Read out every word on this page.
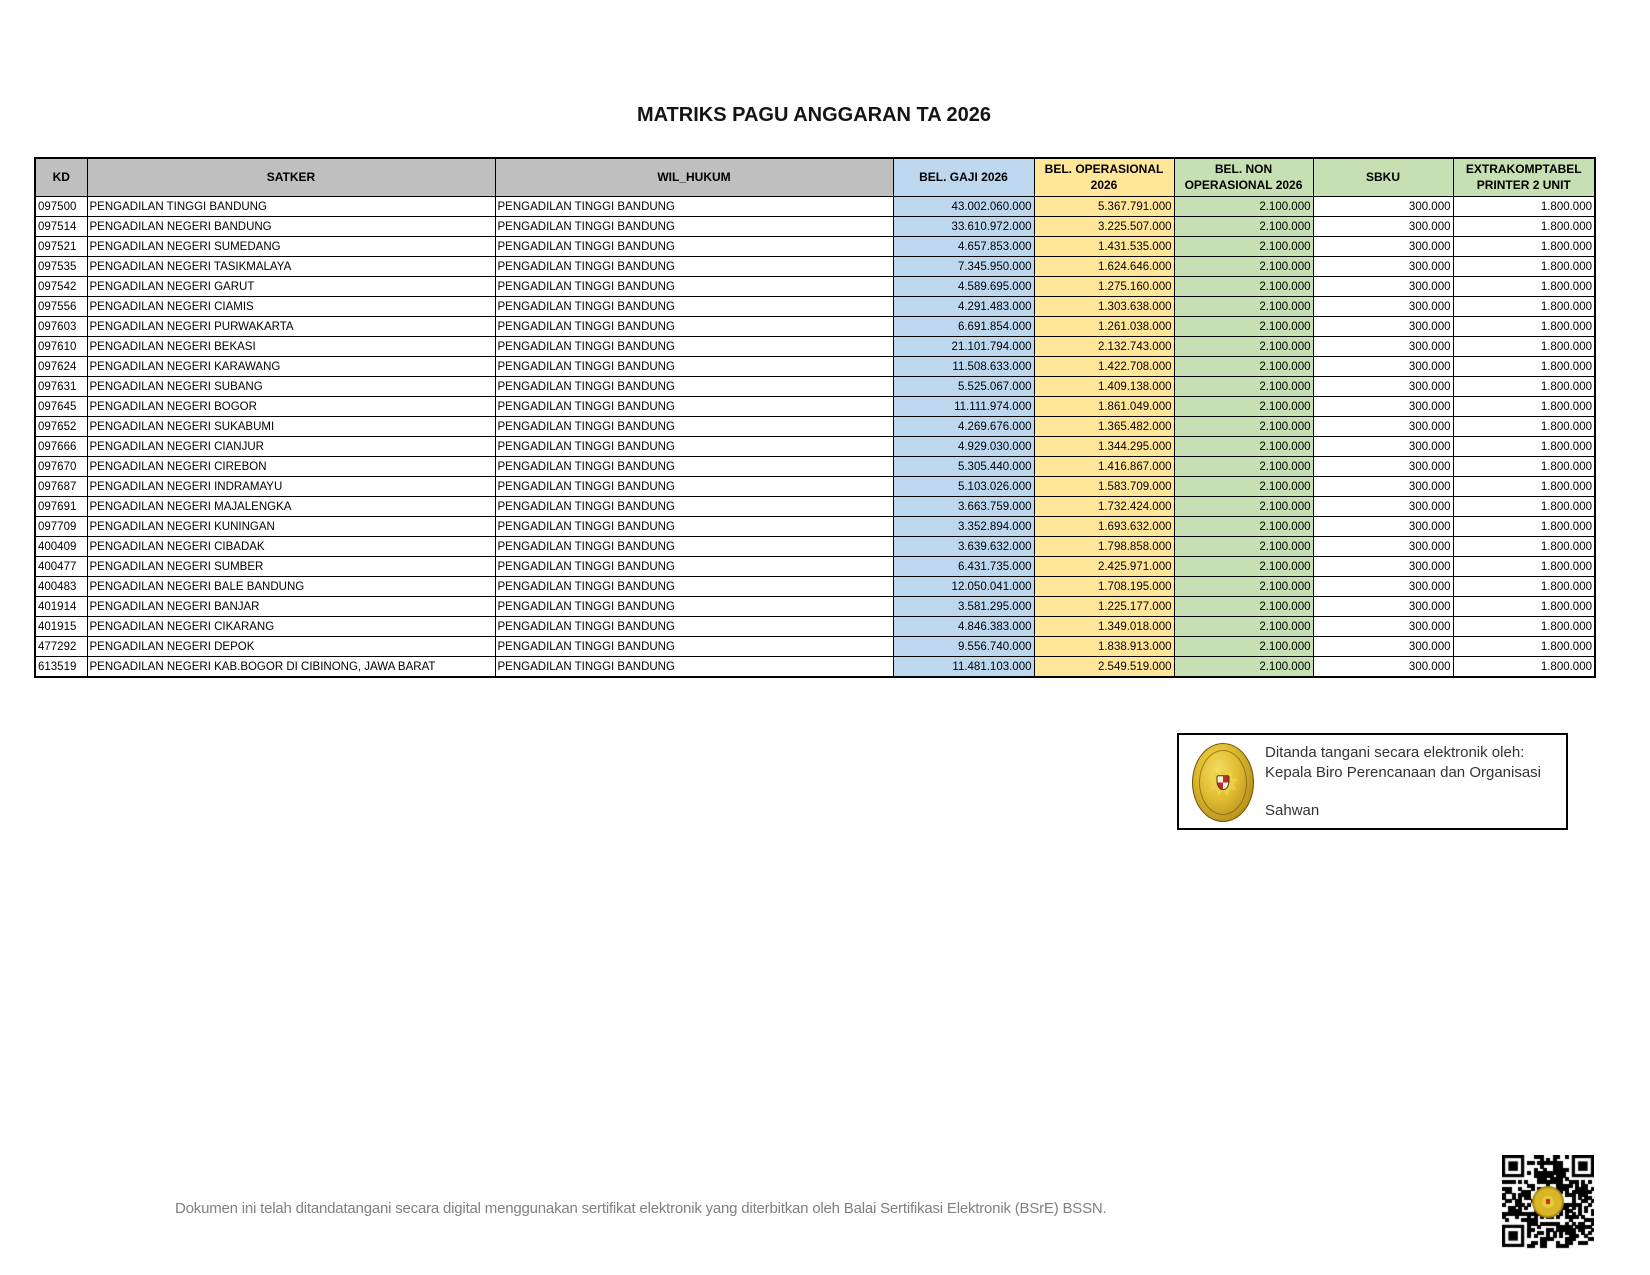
MATRIKS PAGU ANGGARAN TA 2026
KD	SATKER	WIL_HUKUM	BEL. GAJI 2026	BEL. OPERASIONAL 2026	BEL. NON OPERASIONAL 2026	SBKU	EXTRAKOMPTABEL PRINTER 2 UNIT
097500	PENGADILAN TINGGI BANDUNG	PENGADILAN TINGGI BANDUNG	43.002.060.000	5.367.791.000	2.100.000	300.000	1.800.000
097514	PENGADILAN NEGERI BANDUNG	PENGADILAN TINGGI BANDUNG	33.610.972.000	3.225.507.000	2.100.000	300.000	1.800.000
097521	PENGADILAN NEGERI SUMEDANG	PENGADILAN TINGGI BANDUNG	4.657.853.000	1.431.535.000	2.100.000	300.000	1.800.000
097535	PENGADILAN NEGERI TASIKMALAYA	PENGADILAN TINGGI BANDUNG	7.345.950.000	1.624.646.000	2.100.000	300.000	1.800.000
097542	PENGADILAN NEGERI GARUT	PENGADILAN TINGGI BANDUNG	4.589.695.000	1.275.160.000	2.100.000	300.000	1.800.000
097556	PENGADILAN NEGERI CIAMIS	PENGADILAN TINGGI BANDUNG	4.291.483.000	1.303.638.000	2.100.000	300.000	1.800.000
097603	PENGADILAN NEGERI PURWAKARTA	PENGADILAN TINGGI BANDUNG	6.691.854.000	1.261.038.000	2.100.000	300.000	1.800.000
097610	PENGADILAN NEGERI BEKASI	PENGADILAN TINGGI BANDUNG	21.101.794.000	2.132.743.000	2.100.000	300.000	1.800.000
097624	PENGADILAN NEGERI KARAWANG	PENGADILAN TINGGI BANDUNG	11.508.633.000	1.422.708.000	2.100.000	300.000	1.800.000
097631	PENGADILAN NEGERI SUBANG	PENGADILAN TINGGI BANDUNG	5.525.067.000	1.409.138.000	2.100.000	300.000	1.800.000
097645	PENGADILAN NEGERI BOGOR	PENGADILAN TINGGI BANDUNG	11.111.974.000	1.861.049.000	2.100.000	300.000	1.800.000
097652	PENGADILAN NEGERI SUKABUMI	PENGADILAN TINGGI BANDUNG	4.269.676.000	1.365.482.000	2.100.000	300.000	1.800.000
097666	PENGADILAN NEGERI CIANJUR	PENGADILAN TINGGI BANDUNG	4.929.030.000	1.344.295.000	2.100.000	300.000	1.800.000
097670	PENGADILAN NEGERI CIREBON	PENGADILAN TINGGI BANDUNG	5.305.440.000	1.416.867.000	2.100.000	300.000	1.800.000
097687	PENGADILAN NEGERI INDRAMAYU	PENGADILAN TINGGI BANDUNG	5.103.026.000	1.583.709.000	2.100.000	300.000	1.800.000
097691	PENGADILAN NEGERI MAJALENGKA	PENGADILAN TINGGI BANDUNG	3.663.759.000	1.732.424.000	2.100.000	300.000	1.800.000
097709	PENGADILAN NEGERI KUNINGAN	PENGADILAN TINGGI BANDUNG	3.352.894.000	1.693.632.000	2.100.000	300.000	1.800.000
400409	PENGADILAN NEGERI CIBADAK	PENGADILAN TINGGI BANDUNG	3.639.632.000	1.798.858.000	2.100.000	300.000	1.800.000
400477	PENGADILAN NEGERI SUMBER	PENGADILAN TINGGI BANDUNG	6.431.735.000	2.425.971.000	2.100.000	300.000	1.800.000
400483	PENGADILAN NEGERI BALE BANDUNG	PENGADILAN TINGGI BANDUNG	12.050.041.000	1.708.195.000	2.100.000	300.000	1.800.000
401914	PENGADILAN NEGERI BANJAR	PENGADILAN TINGGI BANDUNG	3.581.295.000	1.225.177.000	2.100.000	300.000	1.800.000
401915	PENGADILAN NEGERI CIKARANG	PENGADILAN TINGGI BANDUNG	4.846.383.000	1.349.018.000	2.100.000	300.000	1.800.000
477292	PENGADILAN NEGERI DEPOK	PENGADILAN TINGGI BANDUNG	9.556.740.000	1.838.913.000	2.100.000	300.000	1.800.000
613519	PENGADILAN NEGERI KAB.BOGOR DI CIBINONG, JAWA BARAT	PENGADILAN TINGGI BANDUNG	11.481.103.000	2.549.519.000	2.100.000	300.000	1.800.000
Ditanda tangani secara elektronik oleh:
Kepala Biro Perencanaan dan Organisasi
Sahwan
Dokumen ini telah ditandatangani secara digital menggunakan sertifikat elektronik yang diterbitkan oleh Balai Sertifikasi Elektronik (BSrE) BSSN.
